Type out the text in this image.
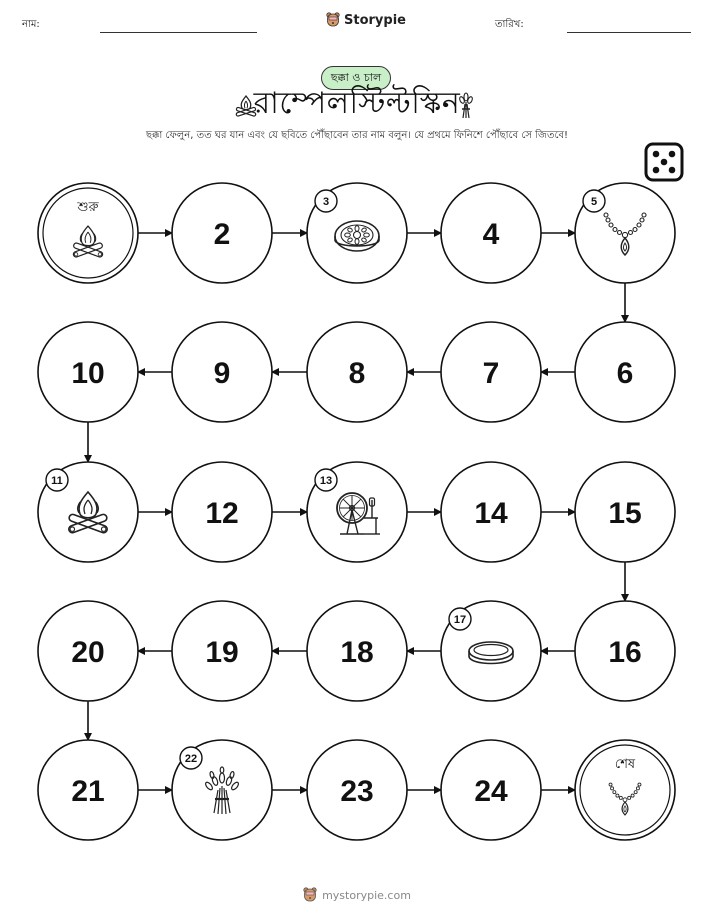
নাম:	Storypie	তারিখ:
ছক্কা ও চাল
রাম্পেলস্টিল্টস্কিন
ছক্কা ফেলুন, তত ঘর যান এবং যে ছবিতে পৌঁছাবেন তার নাম বলুন। যে প্রথমে ফিনিশে পৌঁছাবে সে জিতবে!
শুরু
2
3
4
5
6
7
8
9
10
11
12
13
14	15
16
17
18
19
20
21
22
23	24
শেষ
mystorypie.com
